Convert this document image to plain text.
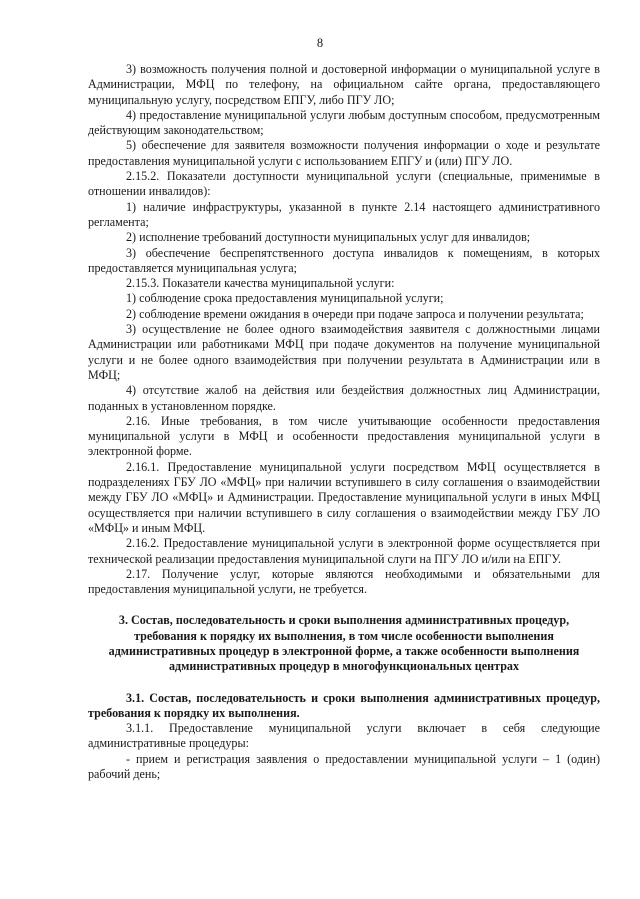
8

3) возможность получения полной и достоверной информации о муниципальной услуге в Администрации, МФЦ по телефону, на официальном сайте органа, предоставляющего муниципальную услугу, посредством ЕПГУ, либо ПГУ ЛО;

4) предоставление муниципальной услуги любым доступным способом, предусмотренным действующим законодательством;

5) обеспечение для заявителя возможности получения информации о ходе и результате предоставления муниципальной услуги с использованием ЕПГУ и (или) ПГУ ЛО.

2.15.2. Показатели доступности муниципальной услуги (специальные, применимые в отношении инвалидов):

1) наличие инфраструктуры, указанной в пункте 2.14 настоящего административного регламента;

2) исполнение требований доступности муниципальных услуг для инвалидов;

3) обеспечение беспрепятственного доступа инвалидов к помещениям, в которых предоставляется муниципальная услуга;

2.15.3. Показатели качества муниципальной услуги:

1) соблюдение срока предоставления муниципальной услуги;

2) соблюдение времени ожидания в очереди при подаче запроса и получении результата;

3) осуществление не более одного взаимодействия заявителя с должностными лицами Администрации или работниками МФЦ при подаче документов на получение муниципальной услуги и не более одного взаимодействия при получении результата в Администрации или в МФЦ;

4) отсутствие жалоб на действия или бездействия должностных лиц Администрации, поданных в установленном порядке.

2.16. Иные требования, в том числе учитывающие особенности предоставления муниципальной услуги в МФЦ и особенности предоставления муниципальной услуги в электронной форме.

2.16.1. Предоставление муниципальной услуги посредством МФЦ осуществляется в подразделениях ГБУ ЛО «МФЦ» при наличии вступившего в силу соглашения о взаимодействии между ГБУ ЛО «МФЦ» и Администрации. Предоставление муниципальной услуги в иных МФЦ осуществляется при наличии вступившего в силу соглашения о взаимодействии между ГБУ ЛО «МФЦ» и иным МФЦ.

2.16.2. Предоставление муниципальной услуги в электронной форме осуществляется при технической реализации предоставления муниципальной слуги на ПГУ ЛО и/или на ЕПГУ.

2.17. Получение услуг, которые являются необходимыми и обязательными для предоставления муниципальной услуги, не требуется.

3. Состав, последовательность и сроки выполнения административных процедур, требования к порядку их выполнения, в том числе особенности выполнения административных процедур в электронной форме, а также особенности выполнения административных процедур в многофункциональных центрах

3.1. Состав, последовательность и сроки выполнения административных процедур, требования к порядку их выполнения.

3.1.1. Предоставление муниципальной услуги включает в себя следующие административные процедуры:

- прием и регистрация заявления о предоставлении муниципальной услуги – 1 (один) рабочий день;
